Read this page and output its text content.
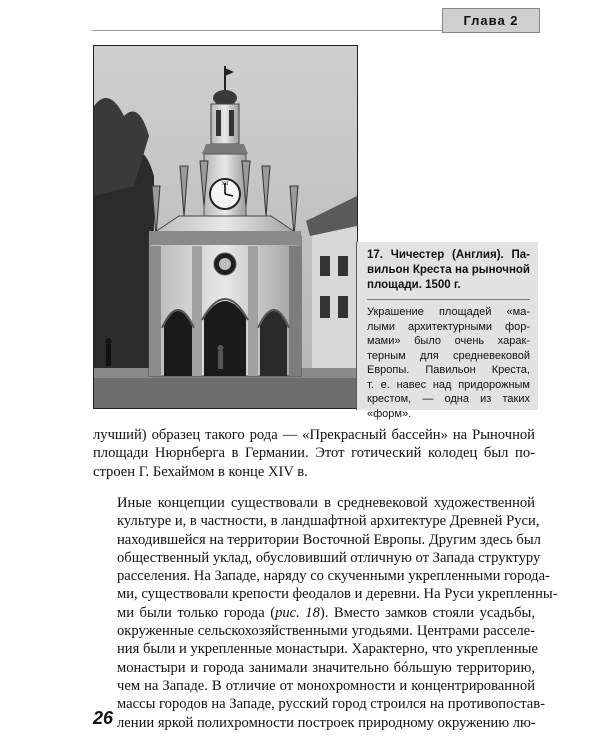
Глава 2
XII

17. Чичестер (Англия). Па-
вильон Креста на рыночной
площади. 1500 г.

Украшение площадей «ма-
лыми архитектурными фор-
мами» было очень харак-
терным для средневековой
Европы. Павильон Креста,
т. е. навес над придорожным
крестом, — одна из таких
«форм».

лучший) образец такого рода — «Прекрасный бассейн» на Рыночной
площади Нюрнберга в Германии. Этот готический колодец был по-
строен Г. Бехаймом в конце XIV в.
Иные концепции существовали в средневековой художественной
культуре и, в частности, в ландшафтной архитектуре Древней Руси,
находившейся на территории Восточной Европы. Другим здесь был
общественный уклад, обусловивший отличную от Запада структуру
расселения. На Западе, наряду со скученными укрепленными города-
ми, существовали крепости феодалов и деревни. На Руси укрепленны-
ми были только города (рис. 18). Вместо замков стояли усадьбы,
окруженные сельскохозяйственными угодьями. Центрами расселе-
ния были и укрепленные монастыри. Характерно, что укрепленные
монастыри и города занимали значительно бóльшую территорию,
чем на Западе. В отличие от монохромности и концентрированной
массы городов на Западе, русский город строился на противопостав-
лении яркой полихромности построек природному окружению лю-
26
